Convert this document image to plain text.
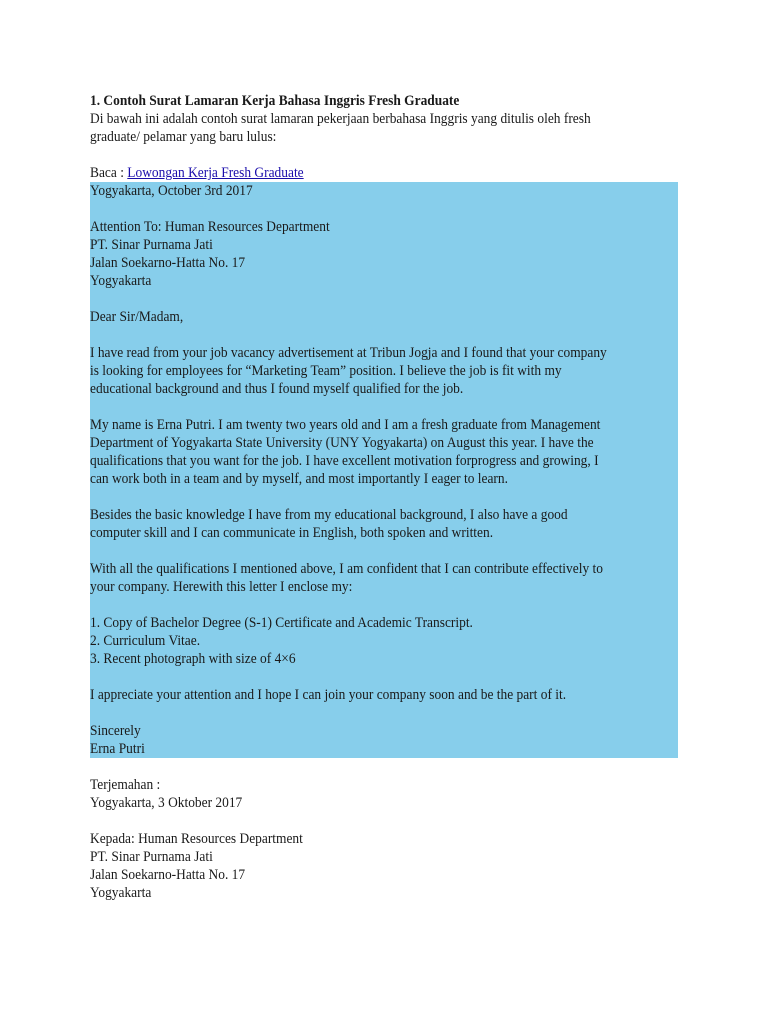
1. Contoh Surat Lamaran Kerja Bahasa Inggris Fresh Graduate
Di bawah ini adalah contoh surat lamaran pekerjaan berbahasa Inggris yang ditulis oleh fresh
graduate/ pelamar yang baru lulus:
Baca : Lowongan Kerja Fresh Graduate
Yogyakarta, October 3rd 2017
Attention To: Human Resources Department
PT. Sinar Purnama Jati
Jalan Soekarno-Hatta No. 17
Yogyakarta
Dear Sir/Madam,
I have read from your job vacancy advertisement at Tribun Jogja and I found that your company
is looking for employees for “Marketing Team” position. I believe the job is fit with my
educational background and thus I found myself qualified for the job.
My name is Erna Putri. I am twenty two years old and I am a fresh graduate from Management
Department of Yogyakarta State University (UNY Yogyakarta) on August this year. I have the
qualifications that you want for the job. I have excellent motivation forprogress and growing, I
can work both in a team and by myself, and most importantly I eager to learn.
Besides the basic knowledge I have from my educational background, I also have a good
computer skill and I can communicate in English, both spoken and written.
With all the qualifications I mentioned above, I am confident that I can contribute effectively to
your company. Herewith this letter I enclose my:
1. Copy of Bachelor Degree (S-1) Certificate and Academic Transcript.
2. Curriculum Vitae.
3. Recent photograph with size of 4×6
I appreciate your attention and I hope I can join your company soon and be the part of it.
Sincerely
Erna Putri
Terjemahan :
Yogyakarta, 3 Oktober 2017
Kepada: Human Resources Department
PT. Sinar Purnama Jati
Jalan Soekarno-Hatta No. 17
Yogyakarta
